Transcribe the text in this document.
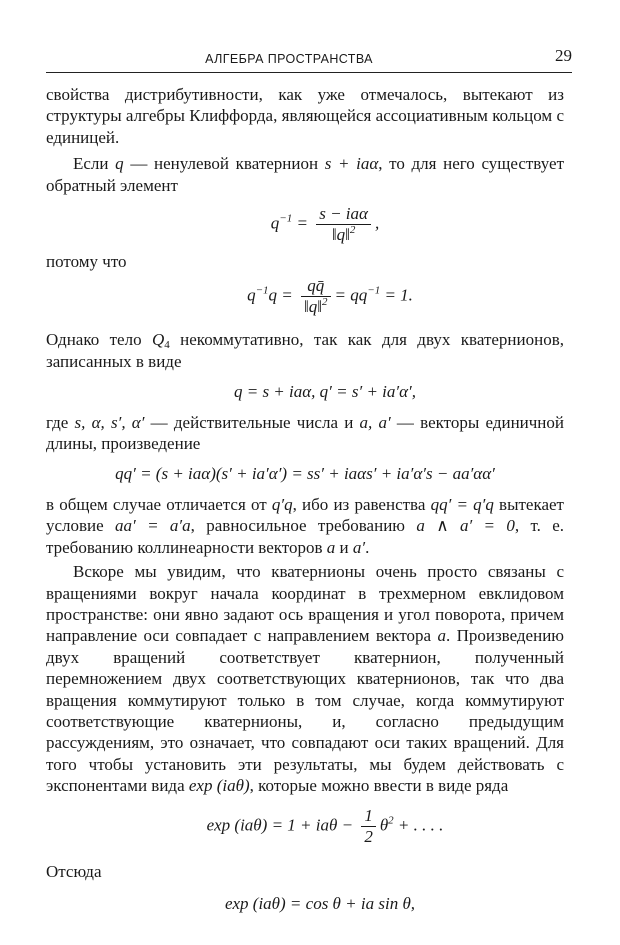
АЛГЕБРА ПРОСТРАНСТВА	29

свойства дистрибутивности, как уже отмечалось, вытекают из структуры алгебры Клиффорда, являющейся ассоциативным кольцом с единицей.

Если q — ненулевой кватернион s + iaα, то для него существует обратный элемент

$q^{-1} = \frac{\text{s − iaα}}{‖q‖^2}$ ,

потому что

$q^{-1}q = \frac{qq̄}{‖q‖^2} = qq^{-1} = 1$.

Однако тело $Q_4$ некоммутативно, так как для двух кватернионов, записанных в виде

q = s + iaα, q′ = s′ + ia′α′,

где s, α, s′, α′ — действительные числа и a, a′ — векторы единичной длины, произведение

qq′ = (s + iaα)(s′ + ia′α′) = ss′ + iaαs′ + ia′α′s − aa′αα′

в общем случае отличается от q′q, ибо из равенства qq′ = q′q вытекает условие aa′ = a′a, равносильное требованию a ∧ a′ = 0, т. е. требованию коллинеарности векторов a и a′.

Вскоре мы увидим, что кватернионы очень просто связаны с вращениями вокруг начала координат в трехмерном евклидовом пространстве: они явно задают ось вращения и угол поворота, причем направление оси совпадает с направлением вектора a. Произведению двух вращений соответствует кватернион, полученный перемножением двух соответствующих кватернионов, так что два вращения коммутируют только в том случае, когда коммутируют соответствующие кватернионы, и, согласно предыдущим рассуждениям, это означает, что совпадают оси таких вращений. Для того чтобы установить эти результаты, мы будем действовать с экспонентами вида exp (iaθ), которые можно ввести в виде ряда

$\exp (ia\theta) = 1 + ia\theta - \frac{1}{2} \theta^2$ + . . . .

Отсюда

exp (iaθ) = cos θ + ia sin θ,
